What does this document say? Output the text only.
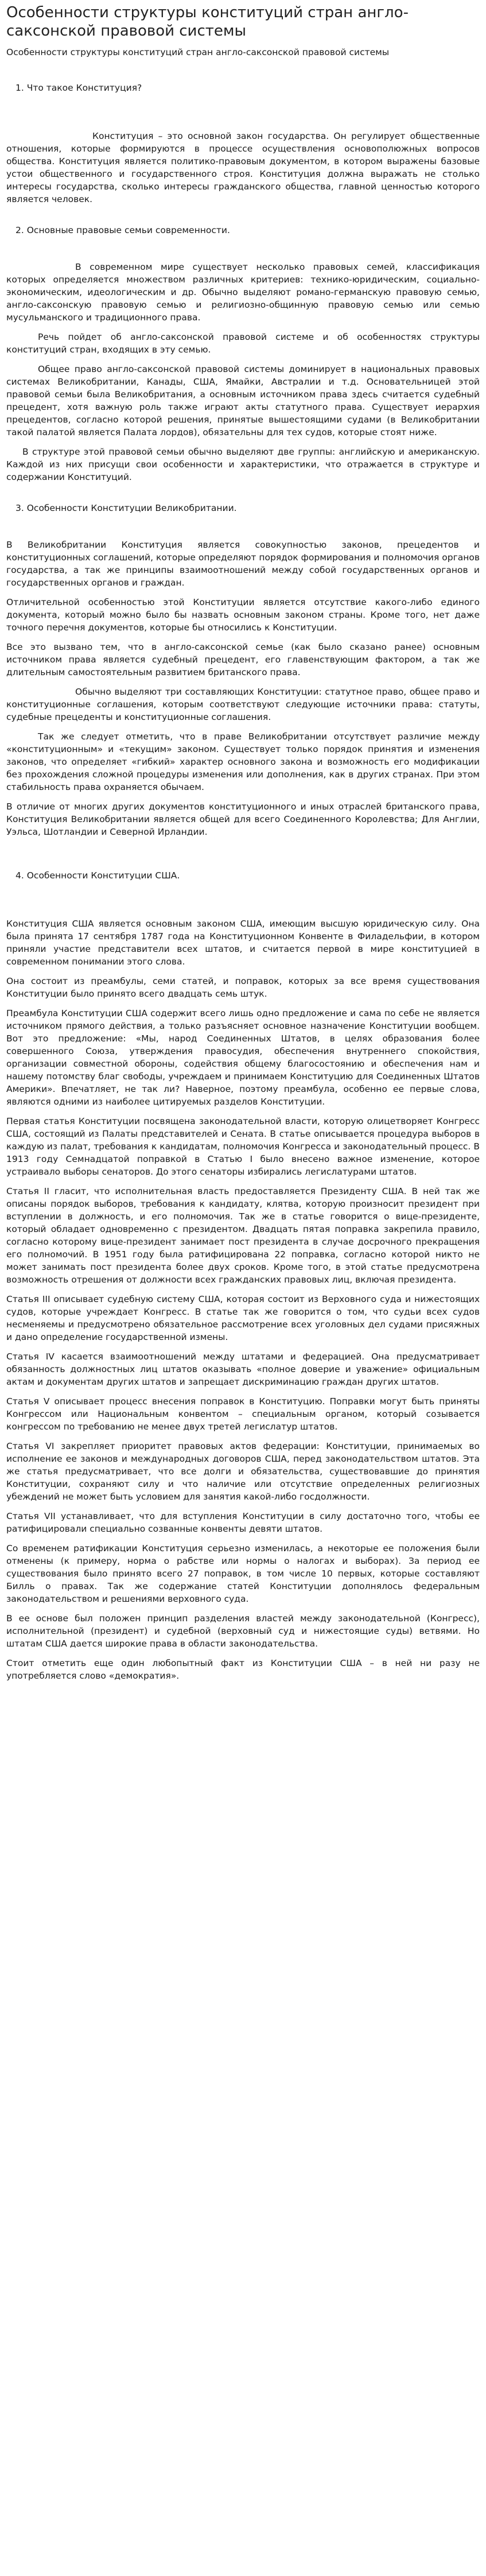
Особенности структуры конституций стран англо-саксонской правовой системы

Особенности структуры конституций стран англо-саксонской правовой системы

1. Что такое Конституция?

Конституция – это основной закон государства. Он регулирует общественные отношения, которые формируются в процессе осуществления основополюжных вопросов общества. Конституция является политико-правовым документом, в котором выражены базовые устои общественного и государственного строя. Конституция должна выражать не столько интересы государства, сколько интересы гражданского общества, главной ценностью которого является человек.

2. Основные правовые семьи современности.

В современном мире существует несколько правовых семей, классификация которых определяется множеством различных критериев: технико-юридическим, социально-экономическим, идеологическим и др. Обычно выделяют романо-германскую правовую семью, англо-саксонскую правовую семью и религиозно-общинную правовую семью или семью мусульманского и традиционного права.

Речь пойдет об англо-саксонской правовой системе и об особенностях структуры конституций стран, входящих в эту семью.

Общее право англо-саксонской правовой системы доминирует в национальных правовых системах Великобритании, Канады, США, Ямайки, Австралии и т.д. Основательницей этой правовой семьи была Великобритания, а основным источником права здесь считается судебный прецедент, хотя важную роль также играют акты статутного права. Существует иерархия прецедентов, согласно которой решения, принятые вышестоящими судами (в Великобритании такой палатой является Палата лордов), обязательны для тех судов, которые стоят ниже.

В структуре этой правовой семьи обычно выделяют две группы: английскую и американскую. Каждой из них присущи свои особенности и характеристики, что отражается в структуре и содержании Конституций.

3. Особенности Конституции Великобритании.

В Великобритании Конституция является совокупностью законов, прецедентов и конституционных соглашений, которые определяют порядок формирования и полномочия органов государства, а так же принципы взаимоотношений между собой государственных органов и государственных органов и граждан.

Отличительной особенностью этой Конституции является отсутствие какого-либо единого документа, который можно было бы назвать основным законом страны. Кроме того, нет даже точного перечня документов, которые бы относились к Конституции.

Все это вызвано тем, что в англо-саксонской семье (как было сказано ранее) основным источником права является судебный прецедент, его главенствующим фактором, а так же длительным самостоятельным развитием британского права.

Обычно выделяют три составляющих Конституции: статутное право, общее право и конституционные соглашения, которым соответствуют следующие источники права: статуты, судебные прецеденты и конституционные соглашения.

Так же следует отметить, что в праве Великобритании отсутствует различие между «конституционным» и «текущим» законом. Существует только порядок принятия и изменения законов, что определяет «гибкий» характер основного закона и возможность его модификации без прохождения сложной процедуры изменения или дополнения, как в других странах. При этом стабильность права охраняется обычаем.

В отличие от многих других документов конституционного и иных отраслей британского права, Конституция Великобритании является общей для всего Соединенного Королевства; Для Англии, Уэльса, Шотландии и Северной Ирландии.

4. Особенности Конституции США.

Конституция США является основным законом США, имеющим высшую юридическую силу. Она была принята 17 сентября 1787 года на Конституционном Конвенте в Филадельфии, в котором приняли участие представители всех штатов, и считается первой в мире конституцией в современном понимании этого слова.

Она состоит из преамбулы, семи статей, и поправок, которых за все время существования Конституции было принято всего двадцать семь штук.

Преамбула Конституции США содержит всего лишь одно предложение и сама по себе не является источником прямого действия, а только разъясняет основное назначение Конституции вообщем. Вот это предложение: «Мы, народ Соединенных Штатов, в целях образования более совершенного Союза, утверждения правосудия, обеспечения внутреннего спокойствия, организации совместной обороны, содействия общему благосостоянию и обеспечения нам и нашему потомству благ свободы, учреждаем и принимаем Конституцию для Соединенных Штатов Америки». Впечатляет, не так ли? Наверное, поэтому преамбула, особенно ее первые слова, являются одними из наиболее цитируемых разделов Конституции.

Первая статья Конституции посвящена законодательной власти, которую олицетворяет Конгресс США, состоящий из Палаты представителей и Сената. В статье описывается процедура выборов в каждую из палат, требования к кандидатам, полномочия Конгресса и законодательный процесс. В 1913 году Семнадцатой поправкой в Статью I было внесено важное изменение, которое устраивало выборы сенаторов. До этого сенаторы избирались легислатурами штатов.

Статья II гласит, что исполнительная власть предоставляется Президенту США. В ней так же описаны порядок выборов, требования к кандидату, клятва, которую произносит президент при вступлении в должность, и его полномочия. Так же в статье говорится о вице-президенте, который обладает одновременно с президентом. Двадцать пятая поправка закрепила правило, согласно которому вице-президент занимает пост президента в случае досрочного прекращения его полномочий. В 1951 году была ратифицирована 22 поправка, согласно которой никто не может занимать пост президента более двух сроков. Кроме того, в этой статье предусмотрена возможность отрешения от должности всех гражданских правовых лиц, включая президента.

Статья III описывает судебную систему США, которая состоит из Верховного суда и нижестоящих судов, которые учреждает Конгресс. В статье так же говорится о том, что судьи всех судов несменяемы и предусмотрено обязательное рассмотрение всех уголовных дел судами присяжных и дано определение государственной измены.

Статья IV касается взаимоотношений между штатами и федерацией. Она предусматривает обязанность должностных лиц штатов оказывать «полное доверие и уважение» официальным актам и документам других штатов и запрещает дискриминацию граждан других штатов.

Статья V описывает процесс внесения поправок в Конституцию. Поправки могут быть приняты Конгрессом или Национальным конвентом – специальным органом, который созывается конгрессом по требованию не менее двух третей легислатур штатов.

Статья VI закрепляет приоритет правовых актов федерации: Конституции, принимаемых во исполнение ее законов и международных договоров США, перед законодательством штатов. Эта же статья предусматривает, что все долги и обязательства, существовавшие до принятия Конституции, сохраняют силу и что наличие или отсутствие определенных религиозных убеждений не может быть условием для занятия какой-либо госдолжности.

Статья VII устанавливает, что для вступления Конституции в силу достаточно того, чтобы ее ратифицировали специально созванные конвенты девяти штатов.

Со временем ратификации Конституция серьезно изменилась, а некоторые ее положения были отменены (к примеру, норма о рабстве или нормы о налогах и выборах). За период ее существования было принято всего 27 поправок, в том числе 10 первых, которые составляют Билль о правах. Так же содержание статей Конституции дополнялось федеральным законодательством и решениями верховного суда.

В ее основе был положен принцип разделения властей между законодательной (Конгресс), исполнительной (президент) и судебной (верховный суд и нижестоящие суды) ветвями. Но штатам США дается широкие права в области законодательства.

Стоит отметить еще один любопытный факт из Конституции США – в ней ни разу не употребляется слово «демократия».
